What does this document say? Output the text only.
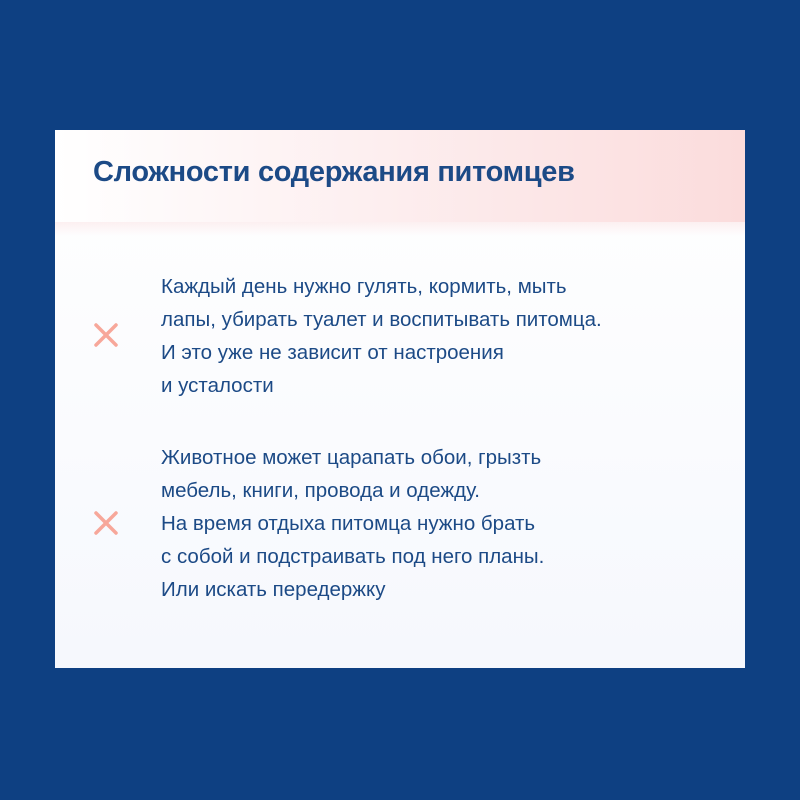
Сложности содержания питомцев
Каждый день нужно гулять, кормить, мыть
лапы, убирать туалет и воспитывать питомца.
И это уже не зависит от настроения
и усталости
Животное может царапать обои, грызть
мебель, книги, провода и одежду.
На время отдыха питомца нужно брать
с собой и подстраивать под него планы.
Или искать передержку
